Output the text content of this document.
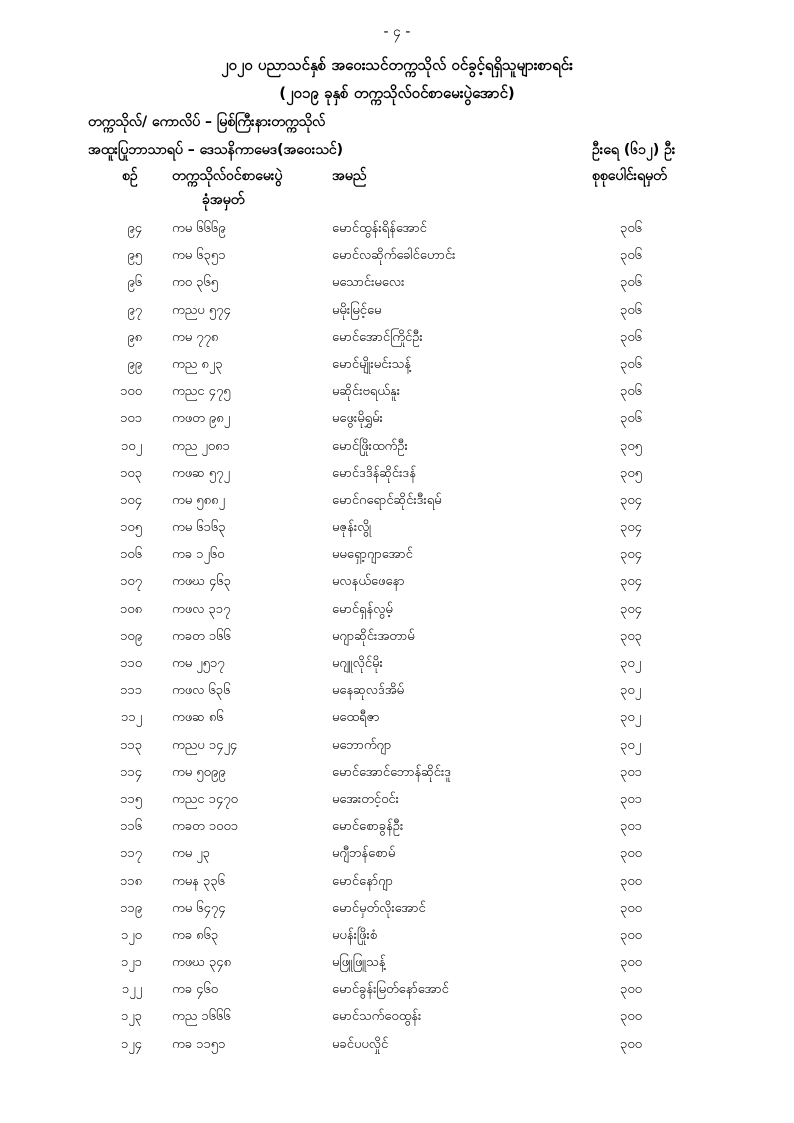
- ၄ -
၂၀၂၀ ပညာသင်နှစ် အဝေးသင်တက္ကသိုလ် ဝင်ခွင့်ရရှိသူများစာရင်း
(၂၀၁၉ ခုနှစ် တက္ကသိုလ်ဝင်စာမေးပွဲအောင်)
တက္ကသိုလ်/ ကောလိပ် – မြစ်ကြီးနားတက္ကသိုလ်
အထူးပြုဘာသာရပ် – ဒေသနိကာမေဒ(အဝေးသင်)	ဦးရေ (၆၁၂) ဦး
စဉ် တက္ကသိုလ်ဝင်စာမေးပွဲ
ခုံအမှတ်
အမည်	စုစုပေါင်းရမှတ်
၉၄ ကမ ၆၆၆၉	မောင်ထွန်းရိန်အောင်	၃၀၆
၉၅ ကမ ၆၃၅၁	မောင်လဆိုက်ခေါင်ဟောင်း	၃၀၆
၉၆ ကဝ ၃၆၅	မသောင်းမလေး	၃၀၆
၉၇ ကညပ ၅၇၄	မမိုးမြင့်မေ	၃၀၆
၉၈ ကမ ၇၇၈	မောင်အောင်ကြိုင်ဦး	၃၀၆
၉၉ ကည ၈၂၃	မောင်မျိုးမင်းသန့်	၃၀၆
၁၀၀ ကညင ၄၇၅	မဆိုင်းဗရယ်နူး	၃၀၆
၁၀၁ ကဖတ ၉၈၂	မဖွေးမိုရွှမ်း	၃၀၆
၁၀၂ ကည ၂၀၈၁	မောင်ဖြိုးထက်ဦး	၃၀၅
၁၀၃ ကဖဆ ၅၇၂	မောင်ဒဒိန်ဆိုင်းဒန်	၃၀၅
၁၀၄ ကမ ၅၈၈၂	မောင်ဂရောင်ဆိုင်းဒီးရမ်	၃၀၄
၁၀၅ ကမ ၆၁၆၃	မဇုန်းလွို	၃၀၄
၁၀၆ ကခ ၁၂၆၀	မမရှော့ဂျာအောင်	၃၀၄
၁၀၇ ကဖဃ ၄၆၃	မလနယ်ဖေနော	၃၀၄
၁၀၈ ကဖလ ၃၁၇	မောင်ရှန်လွမ့်	၃၀၄
၁၀၉ ကခတ ၁၆၆	မဂျာဆိုင်းအတာမ်	၃၀၃
၁၁၀ ကမ ၂၅၁၇	မဂျူလိုင်မိုး	၃၀၂
၁၁၁ ကဖလ ၆၃၆	မနေဆုလဒ်အိမ်	၃၀၂
၁၁၂ ကဖဆ ၈၆	မထေရီဇာ	၃၀၂
၁၁၃ ကညပ ၁၄၂၄	မဘောက်ဂျာ	၃၀၂
၁၁၄ ကမ ၅၀၉၉	မောင်အောင်ဘောန်ဆိုင်းဒူ	၃၀၁
၁၁၅ ကညင ၁၄၇၀	မအေးတင့်ဝင်း	၃၀၁
၁၁၆ ကခတ ၁၀၀၁	မောင်စောခွန်ဦး	၃၀၁
၁၁၇ ကမ ၂၃	မဂျီဘန်စောမ်	၃၀၀
၁၁၈ ကမန ၃၃၆	မောင်နော်ဂျာ	၃၀၀
၁၁၉ ကမ ၆၄၇၄	မောင်မှတ်လိုးအောင်	၃၀၀
၁၂၀ ကခ ၈၆၃	မပန်းဖြိုးစံ	၃၀၀
၁၂၁ ကဖဃ ၃၄၈	မဖြူဖြူသန့်	၃၀၀
၁၂၂ ကခ ၄၆၀	မောင်ခွန်းမြတ်နော်အောင်	၃၀၀
၁၂၃ ကည ၁၆၆၆	မောင်သက်ဝေထွန်း	၃၀၀
၁၂၄ ကခ ၁၁၅၁	မခင်ပပလှိုင်	၃၀၀
